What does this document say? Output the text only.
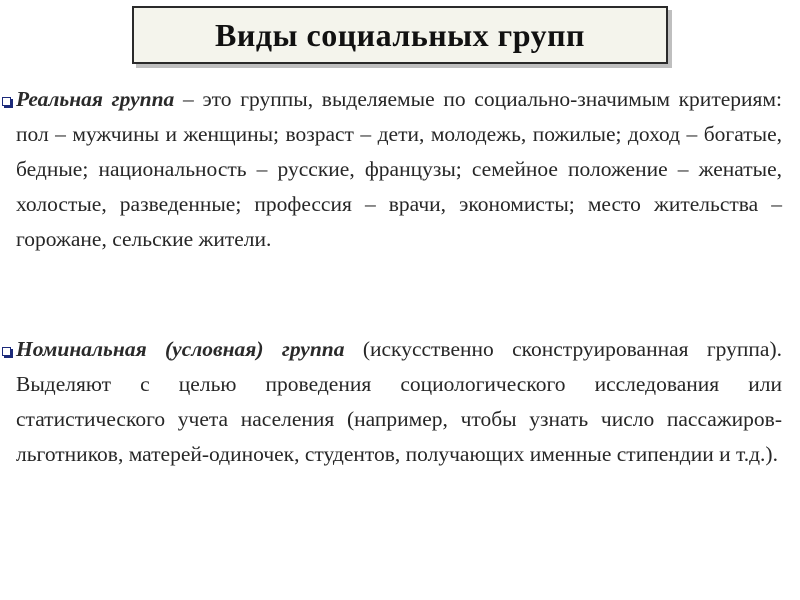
Виды социальных групп

Реальная группа – это группы, выделяемые по социально-значимым критериям: пол – мужчины и женщины; возраст – дети, молодежь, пожилые; доход – богатые, бедные; национальность – русские, французы; семейное положение – женатые, холостые, разведенные; профессия – врачи, экономисты; место жительства – горожане, сельские жители.

Номинальная (условная) группа (искусственно сконструированная группа). Выделяют с целью проведения социологического исследования или статистического учета населения (например, чтобы узнать число пассажиров-льготников, матерей-одиночек, студентов, получающих именные стипендии и т.д.).
